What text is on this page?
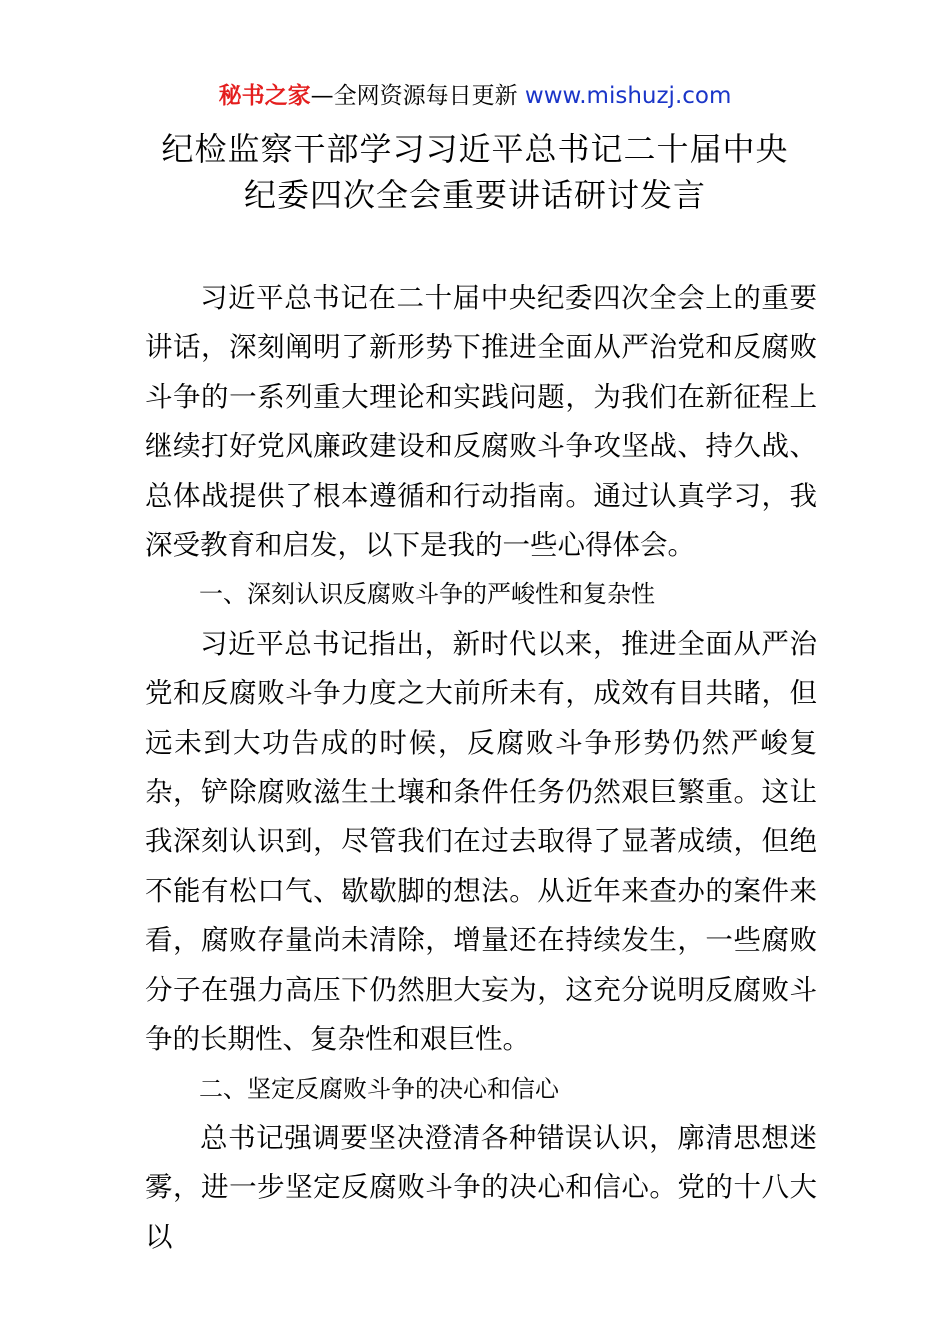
秘书之家—全网资源每日更新 www.mishuzj.com
纪检监察干部学习习近平总书记二十届中央
纪委四次全会重要讲话研讨发言

习近平总书记在二十届中央纪委四次全会上的重要讲话，深刻阐明了新形势下推进全面从严治党和反腐败斗争的一系列重大理论和实践问题，为我们在新征程上继续打好党风廉政建设和反腐败斗争攻坚战、持久战、总体战提供了根本遵循和行动指南。通过认真学习，我深受教育和启发，以下是我的一些心得体会。

一、深刻认识反腐败斗争的严峻性和复杂性

习近平总书记指出，新时代以来，推进全面从严治党和反腐败斗争力度之大前所未有，成效有目共睹，但远未到大功告成的时候，反腐败斗争形势仍然严峻复杂，铲除腐败滋生土壤和条件任务仍然艰巨繁重。这让我深刻认识到，尽管我们在过去取得了显著成绩，但绝不能有松口气、歇歇脚的想法。从近年来查办的案件来看，腐败存量尚未清除，增量还在持续发生，一些腐败分子在强力高压下仍然胆大妄为，这充分说明反腐败斗争的长期性、复杂性和艰巨性。

二、坚定反腐败斗争的决心和信心

总书记强调要坚决澄清各种错误认识，廓清思想迷雾，进一步坚定反腐败斗争的决心和信心。党的十八大以
